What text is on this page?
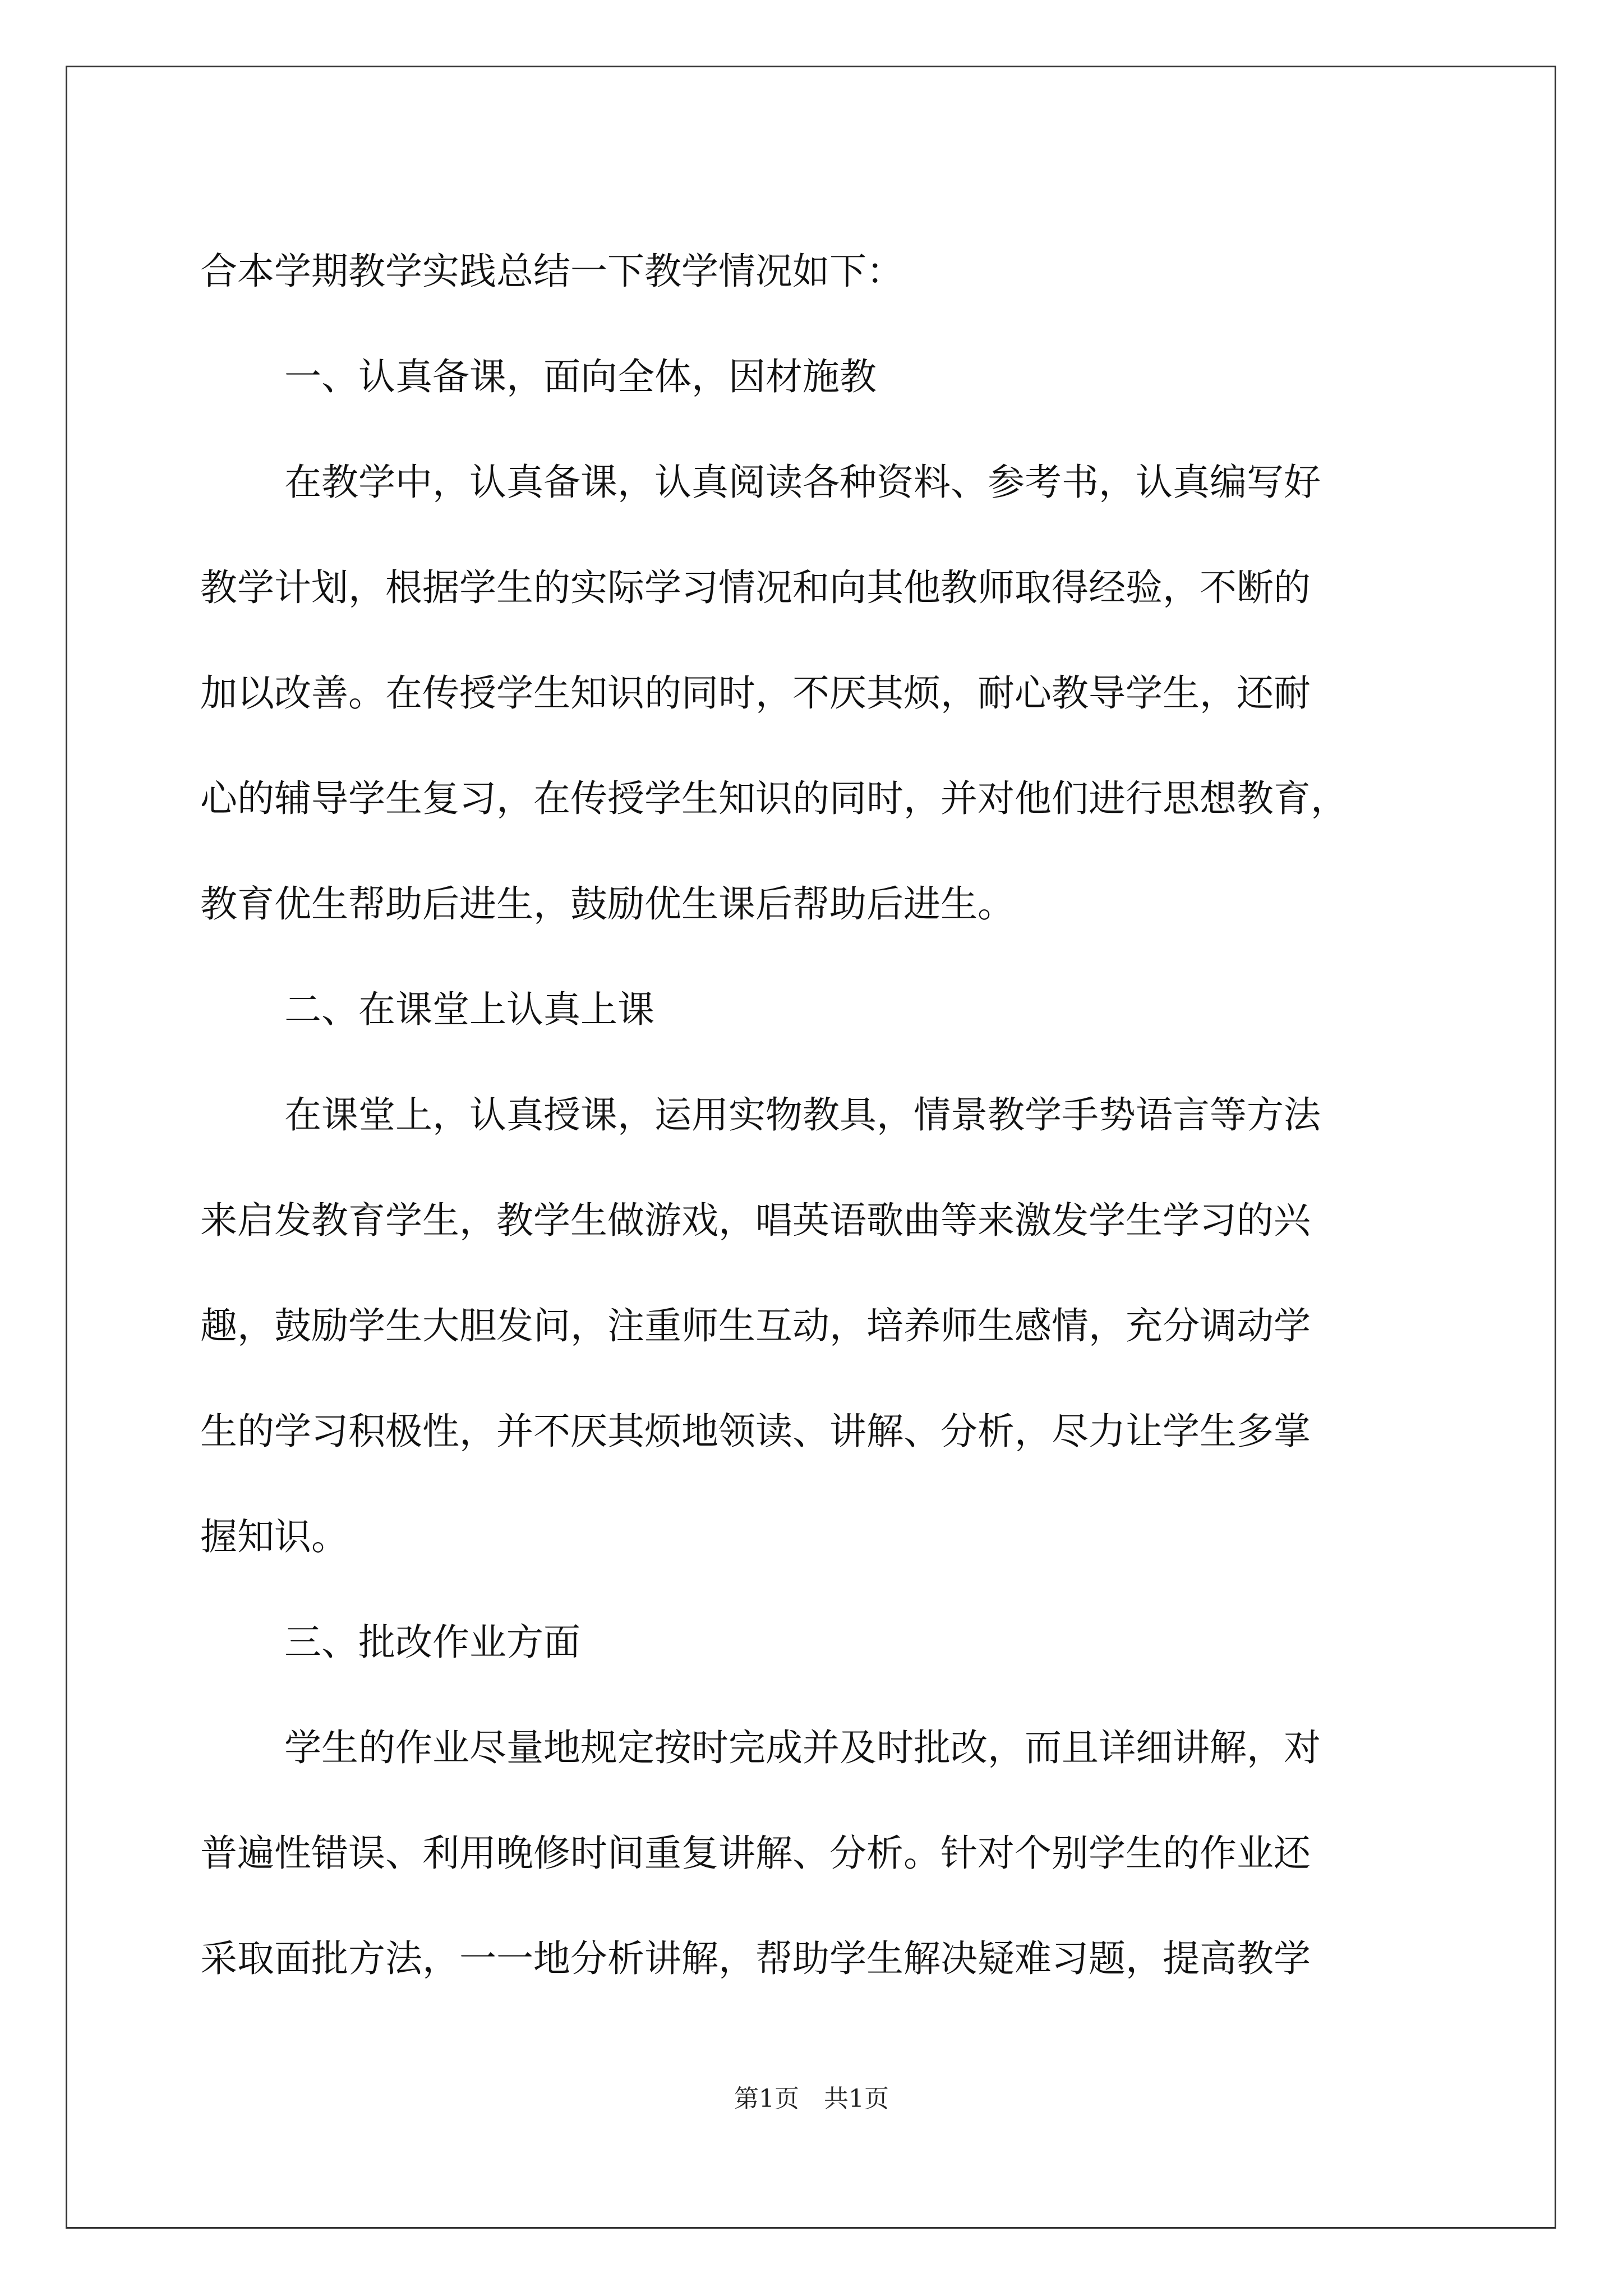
合本学期教学实践总结一下教学情况如下：
一、认真备课，面向全体，因材施教
在教学中，认真备课，认真阅读各种资料、参考书，认真编写好
教学计划，根据学生的实际学习情况和向其他教师取得经验，不断的
加以改善。在传授学生知识的同时，不厌其烦，耐心教导学生，还耐
心的辅导学生复习，在传授学生知识的同时，并对他们进行思想教育，
教育优生帮助后进生，鼓励优生课后帮助后进生。
二、在课堂上认真上课
在课堂上，认真授课，运用实物教具，情景教学手势语言等方法
来启发教育学生，教学生做游戏，唱英语歌曲等来激发学生学习的兴
趣，鼓励学生大胆发问，注重师生互动，培养师生感情，充分调动学
生的学习积极性，并不厌其烦地领读、讲解、分析，尽力让学生多掌
握知识。
三、批改作业方面
学生的作业尽量地规定按时完成并及时批改，而且详细讲解，对
普遍性错误、利用晚修时间重复讲解、分析。针对个别学生的作业还
采取面批方法，一一地分析讲解，帮助学生解决疑难习题，提高教学
第1页　共1页
